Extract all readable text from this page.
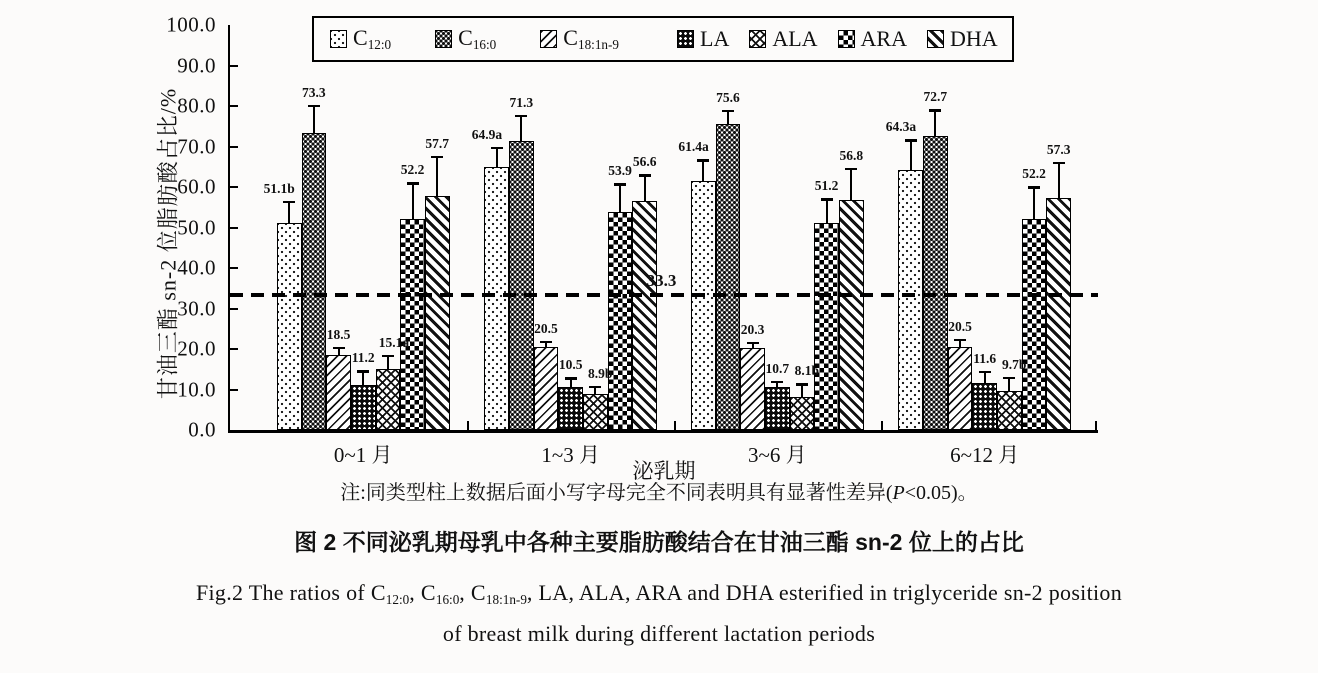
甘油三酯 sn-2 位脂肪酸占比/%
0.0
10.0
20.0
30.0
40.0
50.0
60.0
70.0
80.0
90.0
100.0
泌乳期
51.1b
73.3
18.5
11.2
15.1a
52.2
57.7
0~1 月
64.9a
71.3
20.5
10.5
8.9b
53.9
56.6
1~3 月
61.4a
75.6
20.3
10.7 8.1b
51.2
56.8
3~6 月
64.3a
72.7
20.5
11.6 9.7b
52.2
57.3
6~12 月
33.3
$C_{12:0}$	$C_{16:0}$	$C_{18:1n-9}$	LA ALA ARA DHA
注:同类型柱上数据后面小写字母完全不同表明具有显著性差异(P<0.05)。
图 2 不同泌乳期母乳中各种主要脂肪酸结合在甘油三酯 sn-2 位上的占比
Fig.2 The ratios of $C_{12:0}$, $C_{16:0}$, $C_{18:1n-9}$, LA, ALA, ARA and DHA esterified in triglyceride sn-2 position
of breast milk during different lactation periods
